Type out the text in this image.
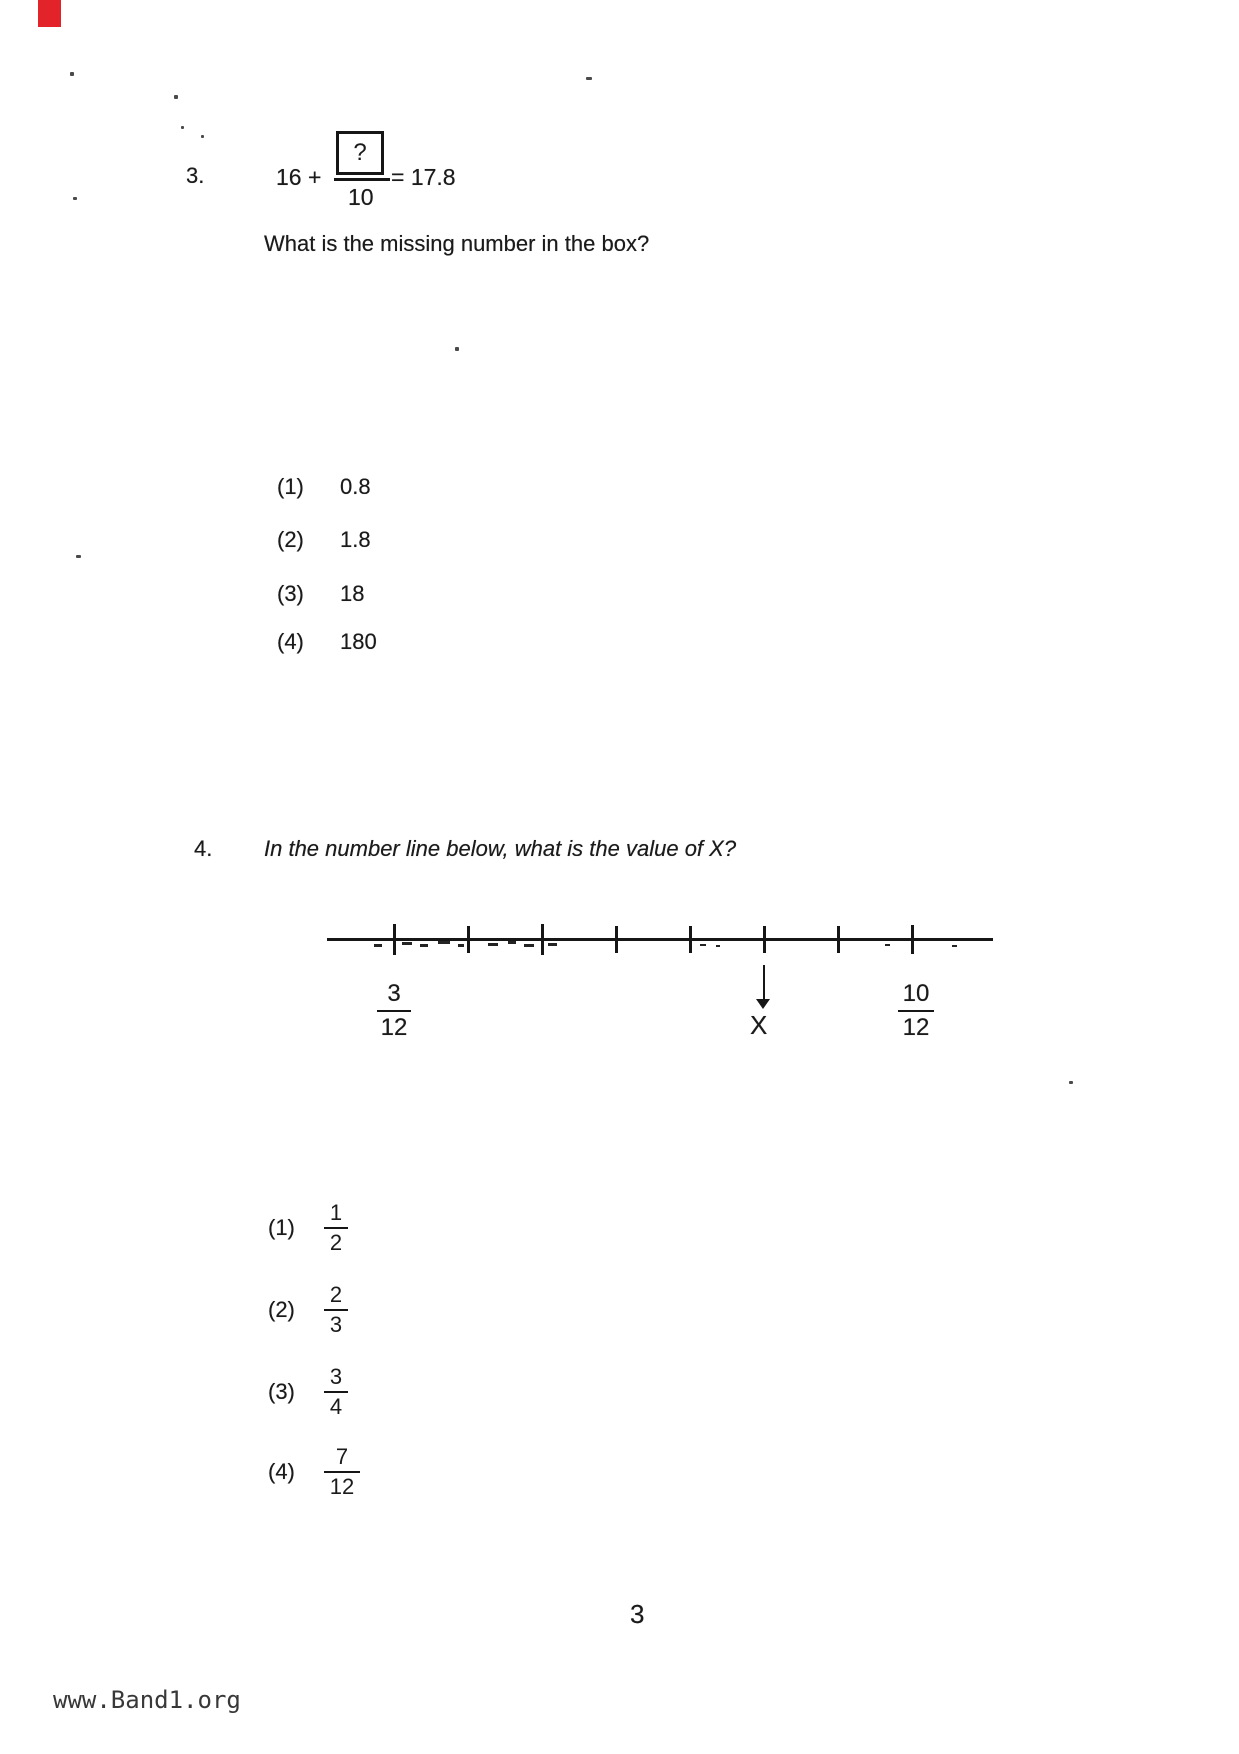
3.	16 +
?
10
= 17.8
What is the missing number in the box?
(1) 0.8
(2) 1.8
(3) 18
(4) 180
4. In the number line below, what is the value of X?
3
12	X
10
12
(1)	$\frac{1}{2}$
(2)	$\frac{2}{3}$
(3)	$\frac{3}{4}$
(4)	$\frac{7}{12}$
3
www.Band1.org
